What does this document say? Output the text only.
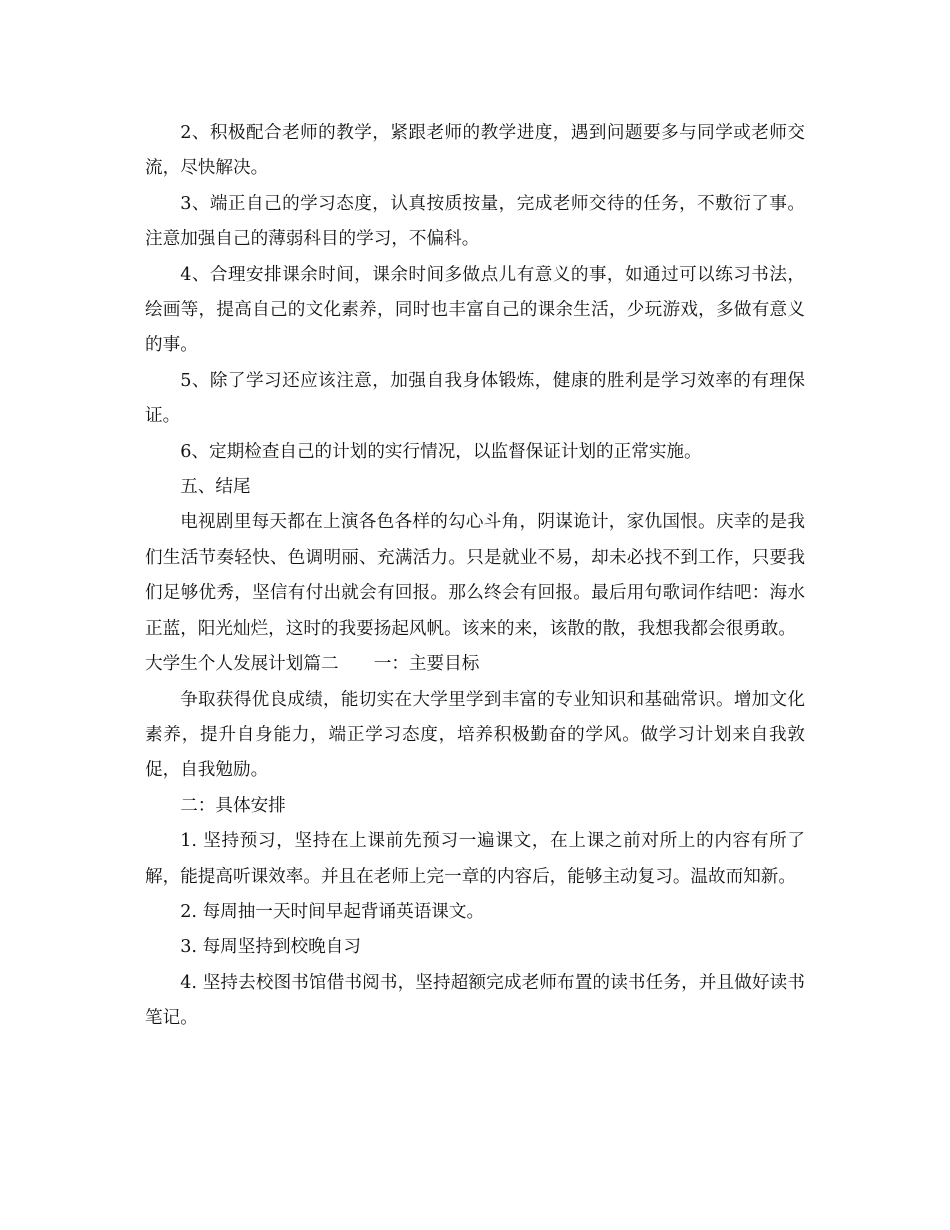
2、积极配合老师的教学，紧跟老师的教学进度，遇到问题要多与同学或老师交流，尽快解决。

3、端正自己的学习态度，认真按质按量，完成老师交待的任务，不敷衍了事。注意加强自己的薄弱科目的学习，不偏科。

4、合理安排课余时间，课余时间多做点儿有意义的事，如通过可以练习书法，绘画等，提高自己的文化素养，同时也丰富自己的课余生活，少玩游戏，多做有意义的事。

5、除了学习还应该注意，加强自我身体锻炼，健康的胜利是学习效率的有理保证。

6、定期检查自己的计划的实行情况，以监督保证计划的正常实施。

五、结尾

电视剧里每天都在上演各色各样的勾心斗角，阴谋诡计，家仇国恨。庆幸的是我们生活节奏轻快、色调明丽、充满活力。只是就业不易，却未必找不到工作，只要我们足够优秀，坚信有付出就会有回报。那么终会有回报。最后用句歌词作结吧：海水正蓝，阳光灿烂，这时的我要扬起风帆。该来的来，该散的散，我想我都会很勇敢。

大学生个人发展计划篇二　　一：主要目标

争取获得优良成绩，能切实在大学里学到丰富的专业知识和基础常识。增加文化素养，提升自身能力，端正学习态度，培养积极勤奋的学风。做学习计划来自我敦促，自我勉励。

二：具体安排

1. 坚持预习，坚持在上课前先预习一遍课文，在上课之前对所上的内容有所了解，能提高听课效率。并且在老师上完一章的内容后，能够主动复习。温故而知新。

2. 每周抽一天时间早起背诵英语课文。

3. 每周坚持到校晚自习

4. 坚持去校图书馆借书阅书，坚持超额完成老师布置的读书任务，并且做好读书笔记。
